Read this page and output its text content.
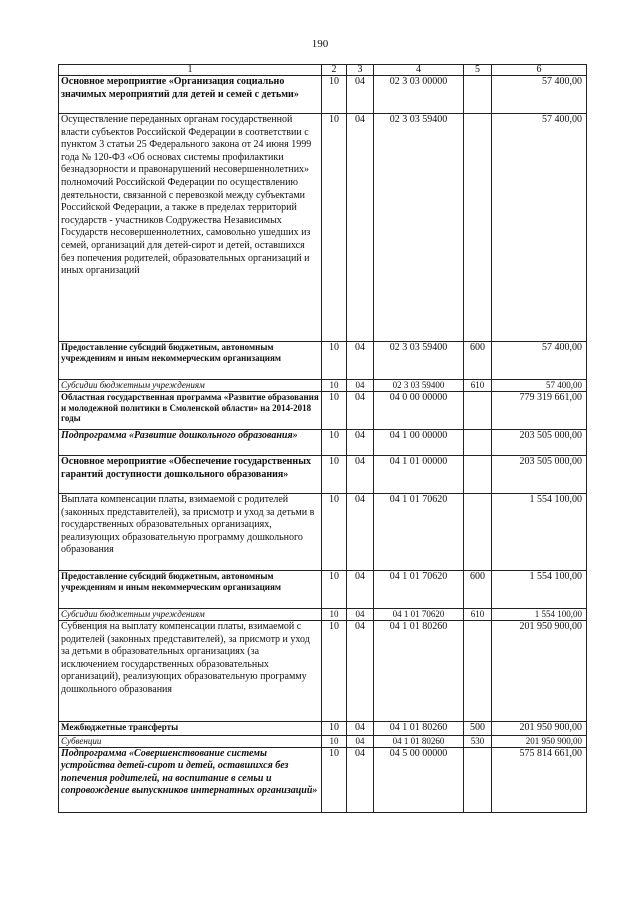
190
1	2	3	4	5	6
Основное мероприятие «Организация социально значимых мероприятий для детей и семей с детьми»	10	04	02 3 03 00000		57 400,00
Осуществление переданных органам государственной власти субъектов Российской Федерации в соответствии с пунктом 3 статьи 25 Федерального закона от 24 июня 1999 года № 120-ФЗ «Об основах системы профилактики безнадзорности и правонарушений несовершеннолетних» полномочий Российской Федерации по осуществлению деятельности, связанной с перевозкой между субъектами Российской Федерации, а также в пределах территорий государств - участников Содружества Независимых Государств несовершеннолетних, самовольно ушедших из семей, организаций для детей-сирот и детей, оставшихся без попечения родителей, образовательных организаций и иных организаций	10	04	02 3 03 59400		57 400,00
Предоставление субсидий бюджетным, автономным учреждениям и иным некоммерческим организациям	10	04	02 3 03 59400	600	57 400,00
Субсидии бюджетным учреждениям	10	04	02 3 03 59400	610	57 400,00
Областная государственная программа «Развитие образования и молодежной политики в Смоленской области» на 2014-2018 годы	10	04	04 0 00 00000		779 319 661,00
Подпрограмма «Развитие дошкольного образования»	10	04	04 1 00 00000		203 505 000,00
Основное мероприятие «Обеспечение государственных гарантий доступности дошкольного образования»	10	04	04 1 01 00000		203 505 000,00
Выплата компенсации платы, взимаемой с родителей (законных представителей), за присмотр и уход за детьми в государственных образовательных организациях, реализующих образовательную программу дошкольного образования	10	04	04 1 01 70620		1 554 100,00
Предоставление субсидий бюджетным, автономным учреждениям и иным некоммерческим организациям	10	04	04 1 01 70620	600	1 554 100,00
Субсидии бюджетным учреждениям	10	04	04 1 01 70620	610	1 554 100,00
Субвенция на выплату компенсации платы, взимаемой с родителей (законных представителей), за присмотр и уход за детьми в образовательных организациях (за исключением государственных образовательных организаций), реализующих образовательную программу дошкольного образования	10	04	04 1 01 80260		201 950 900,00
Межбюджетные трансферты	10	04	04 1 01 80260	500	201 950 900,00
Субвенции	10	04	04 1 01 80260	530	201 950 900,00
Подпрограмма «Совершенствование системы устройства детей-сирот и детей, оставшихся без попечения родителей, на воспитание в семьи и сопровождение выпускников интернатных организаций»	10	04	04 5 00 00000		575 814 661,00
